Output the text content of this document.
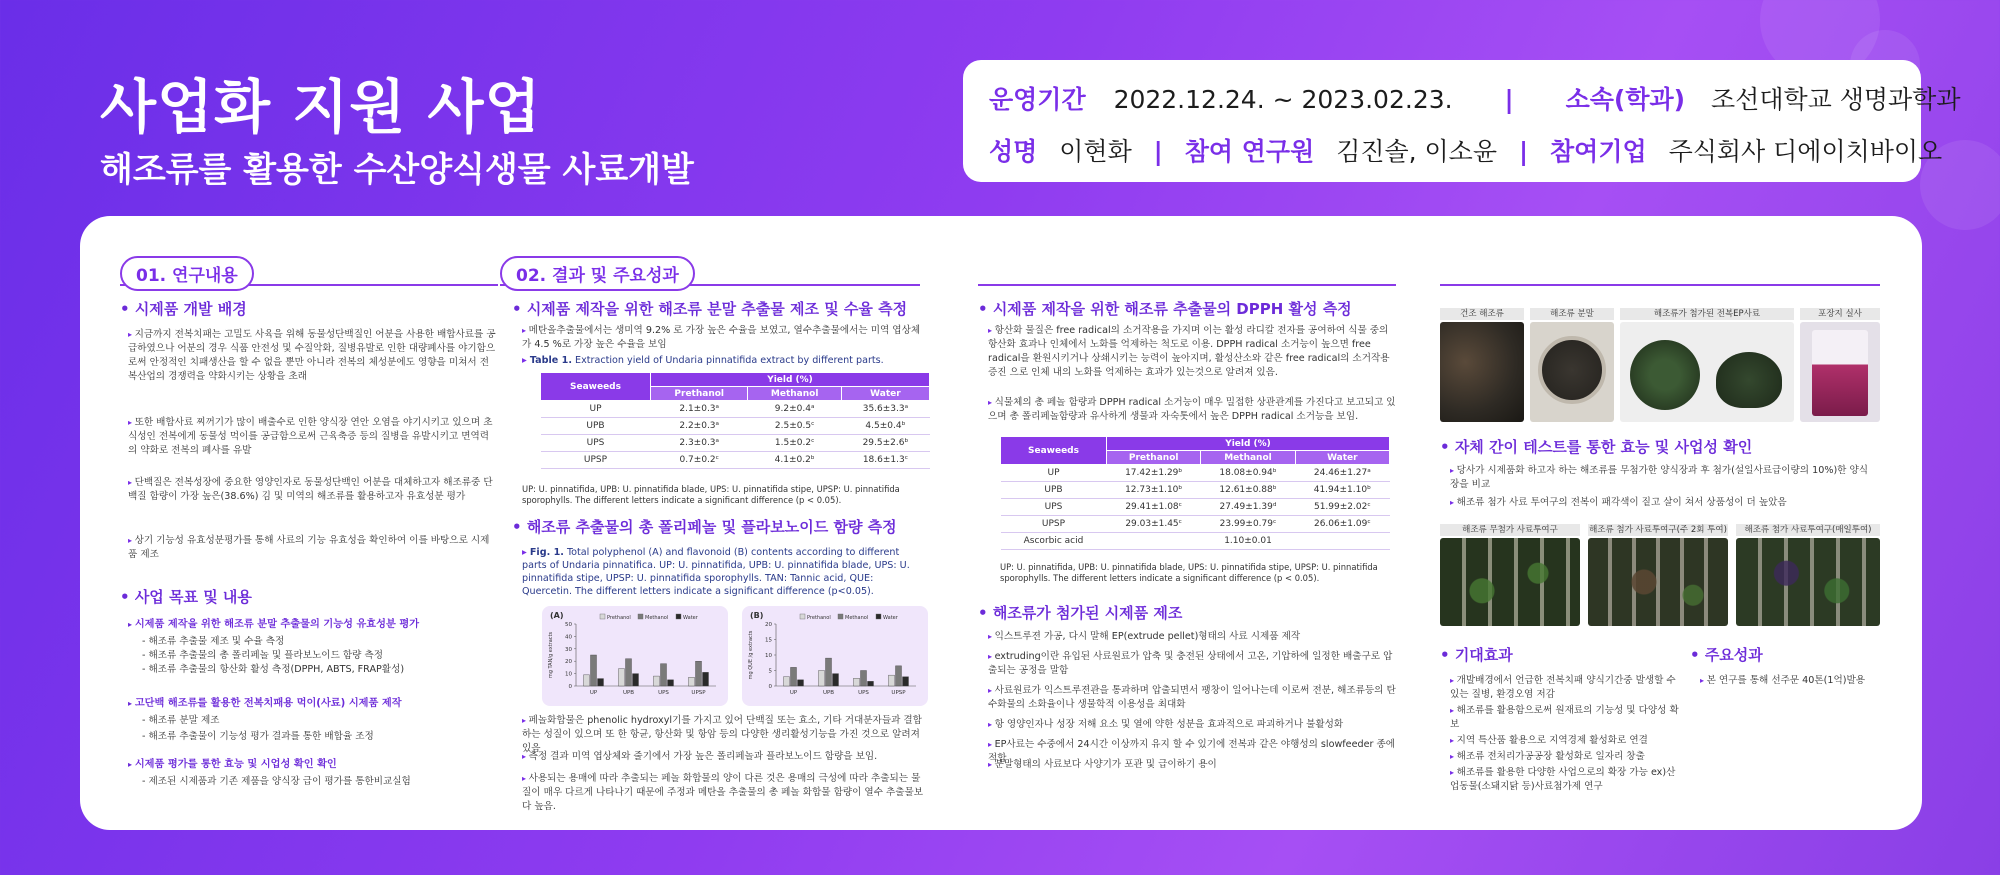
사업화 지원 사업
해조류를 활용한 수산양식생물 사료개발
운영기간 2022.12.24. ~ 2023.02.23. | 소속(학과) 조선대학교 생명과학과
성명 이현화 | 참여 연구원 김진솔, 이소윤 | 참여기업 주식회사 디에이치바이오
01. 연구내용
• 시제품 개발 배경
▸ 지금까지 전복치패는 고밀도 사육을 위해 동물성단백질인 어분을 사용한 배합사료를 공급하였으나 어분의 경우 식품 안전성 및 수질악화, 질병유발로 인한 대량폐사를 야기함으로써 안정적인 치패생산을 할 수 없을 뿐만 아니라 전복의 체성분에도 영향을 미쳐서 전복산업의 경쟁력을 약화시키는 상황을 초래
▸ 또한 배합사료 찌꺼기가 많이 배출수로 인한 양식장 연안 오염을 야기시키고 있으며 초식성인 전복에게 동물성 먹이를 공급함으로써 근육축증 등의 질병을 유발시키고 면역력의 약화로 전복의 폐사를 유발
▸ 단백질은 전복성장에 중요한 영양인자로 동물성단백인 어분을 대체하고자 해조류중 단백질 함량이 가장 높은(38.6%) 김 및 미역의 해조류를 활용하고자 유효성분 평가
▸ 상기 기능성 유효성분평가를 통해 사료의 기능 유효성을 확인하여 이를 바탕으로 시제품 제조
• 사업 목표 및 내용
▸ 시제품 제작을 위한 해조류 분말 추출물의 기능성 유효성분 평가
- 해조류 추출물 제조 및 수율 측정
- 해조류 추출물의 총 폴리페놀 및 플라보노이드 함량 측정
- 해조류 추출물의 항산화 활성 측정(DPPH, ABTS, FRAP활성)
▸ 고단백 해조류를 활용한 전복치패용 먹이(사료) 시제품 제작
- 해조류 분말 제조
- 해조류 추출물이 기능성 평가 결과를 통한 배합율 조정
▸ 시제품 평가를 통한 효능 및 시업성 확인 확인
- 제조된 시제품과 기존 제품을 양식장 급이 평가를 통한비교실험
02. 결과 및 주요성과
• 시제품 제작을 위한 해조류 분말 추출물 제조 및 수율 측정
▸ 메탄올추출물에서는 생미역 9.2% 로 가장 높은 수율을 보였고, 열수추출물에서는 미역 엽상체가 4.5 %로 가장 높은 수율을 보임
▸ Table 1. Extraction yield of Undaria pinnatifida extract by different parts.
Seaweeds	Yield (%)		
	Prethanol	Methanol	Water
UP	2.1±0.3ᵃ	9.2±0.4ᵃ	35.6±3.3ᵃ
UPB	2.2±0.3ᵃ	2.5±0.5ᶜ	4.5±0.4ᵇ
UPS	2.3±0.3ᵃ	1.5±0.2ᶜ	29.5±2.6ᵇ
UPSP	0.7±0.2ᶜ	4.1±0.2ᵇ	18.6±1.3ᶜ
UP: U. pinnatifida, UPB: U. pinnatifida blade, UPS: U. pinnatifida stipe, UPSP: U. pinnatifida sporophylls. The different letters indicate a significant difference (p < 0.05).
• 해조류 추출물의 총 폴리페놀 및 플라보노이드 함량 측정
▸ Fig. 1. Total polyphenol (A) and flavonoid (B) contents according to different parts of Undaria pinnatifica. UP: U. pinnatifida, UPB: U. pinnatifida blade, UPS: U. pinnatifida stipe, UPSP: U. pinnatifida sporophylls. TAN: Tannic acid, QUE: Quercetin. The different letters indicate a significant difference (p<0.05).
(A)	Prethanol	Methanol	Water
0
10
20
30
40
50
mg TAN/g extracts
UP	UPB	UPS	UPSP
(B)	Prethanol	Methanol	Water
0
5
10
15
20
mg QUE /g extracts
UP	UPB	UPS	UPSP
▸ 페놀화합물은 phenolic hydroxyl기를 가지고 있어 단백질 또는 효소, 기타 거대분자들과 결합하는 성질이 있으며 또 한 항균, 항산화 및 항암 등의 다양한 생리활성기능을 가진 것으로 알려져 있음
▸ 측정 결과 미역 엽상체와 줄기에서 가장 높은 폴리페놀과 플라보노이드 함량을 보임.
▸ 사용되는 용매에 따라 추출되는 페놀 화합물의 양이 다른 것은 용매의 극성에 따라 추출되는 물질이 매우 다르게 나타나기 때문에 주정과 메탄올 추출물의 총 페놀 화합물 함량이 열수 추출물보다 높음.
• 시제품 제작을 위한 해조류 추출물의 DPPH 활성 측정
▸ 항산화 물질은 free radical의 소거작용을 가지며 이는 활성 라디칼 전자를 공여하여 식물 중의 항산화 효과나 인체에서 노화를 억제하는 척도로 이용. DPPH radical 소거능이 높으면 free radical을 환원시키거나 상쇄시키는 능력이 높아지며, 활성산소와 같은 free radical의 소거작용 증진 으로 인체 내의 노화를 억제하는 효과가 있는것으로 알려져 있음.
▸ 식물체의 총 페놀 함량과 DPPH radical 소거능이 매우 밀접한 상관관계를 가진다고 보고되고 있으며 총 폴리페놀함량과 유사하게 생물과 자숙톳에서 높은 DPPH radical 소거능을 보임.
Seaweeds	Yield (%)		
	Prethanol	Methanol	Water
UP	17.42±1.29ᵇ	18.08±0.94ᵇ	24.46±1.27ᵃ
UPB	12.73±1.10ᵇ	12.61±0.88ᵇ	41.94±1.10ᵇ
UPS	29.41±1.08ᶜ	27.49±1.39ᵈ	51.99±2.02ᶜ
UPSP	29.03±1.45ᶜ	23.99±0.79ᶜ	26.06±1.09ᶜ
Ascorbic acid	1.10±0.01		
UP: U. pinnatifida, UPB: U. pinnatifida blade, UPS: U. pinnatifida stipe, UPSP: U. pinnatifida sporophylls. The different letters indicate a significant difference (p < 0.05).
• 해조류가 첨가된 시제품 제조
▸ 익스트루젼 가공, 다시 말해 EP(extrude pellet)형태의 사료 시제품 제작
▸ extruding이란 유입된 사료원료가 압축 및 충전된 상태에서 고온, 기압하에 일정한 배출구로 압출되는 공정을 말함
▸ 사료원료가 익스트루젼관을 통과하며 압출되면서 팽창이 일어나는데 이로써 전분, 해조류등의 탄수화물의 소화율이나 생물학적 이용성을 최대화
▸ 항 영양인자나 성장 저해 요소 및 열에 약한 성분을 효과적으로 파괴하거나 불활성화
▸ EP사료는 수중에서 24시간 이상까지 유지 할 수 있기에 전복과 같은 야행성의 slowfeeder 종에 적합
▸ 분말형태의 사료보다 사양기가 포관 및 급이하기 용이
건조 해조류	해조류 분말	해조류가 첨가된 전복EP사료	포장지 실사
• 자체 간이 테스트를 통한 효능 및 사업성 확인
▸ 당사가 시제품화 하고자 하는 해조류를 무첨가한 양식장과 후 첨가(설일사료급이량의 10%)한 양식장을 비교
▸ 해조류 첨가 사료 투여구의 전복이 패각색이 짙고 살이 쳐서 상품성이 더 높았음
해조류 무첨가 사료투여구	해조류 첨가 사료투여구(주 2회 투여)	해조류 첨가 사료투여구(매일투여)
• 기대효과
▸ 개발배경에서 언급한 전복치패 양식기간중 발생할 수 있는 질병, 환경오염 저감
▸ 해조류를 활용함으로써 원재료의 기능성 및 다양성 확보
▸ 지역 특산품 활용으로 지역경제 활성화로 연결
▸ 해조류 전처리가공공장 활성화로 일자리 창출
▸ 해조류를 활용한 다양한 사업으로의 확장 가능 ex)산업동물(소돼지닭 등)사료첨가제 연구
• 주요성과
▸ 본 연구를 통해 선주문 40톤(1억)발용
